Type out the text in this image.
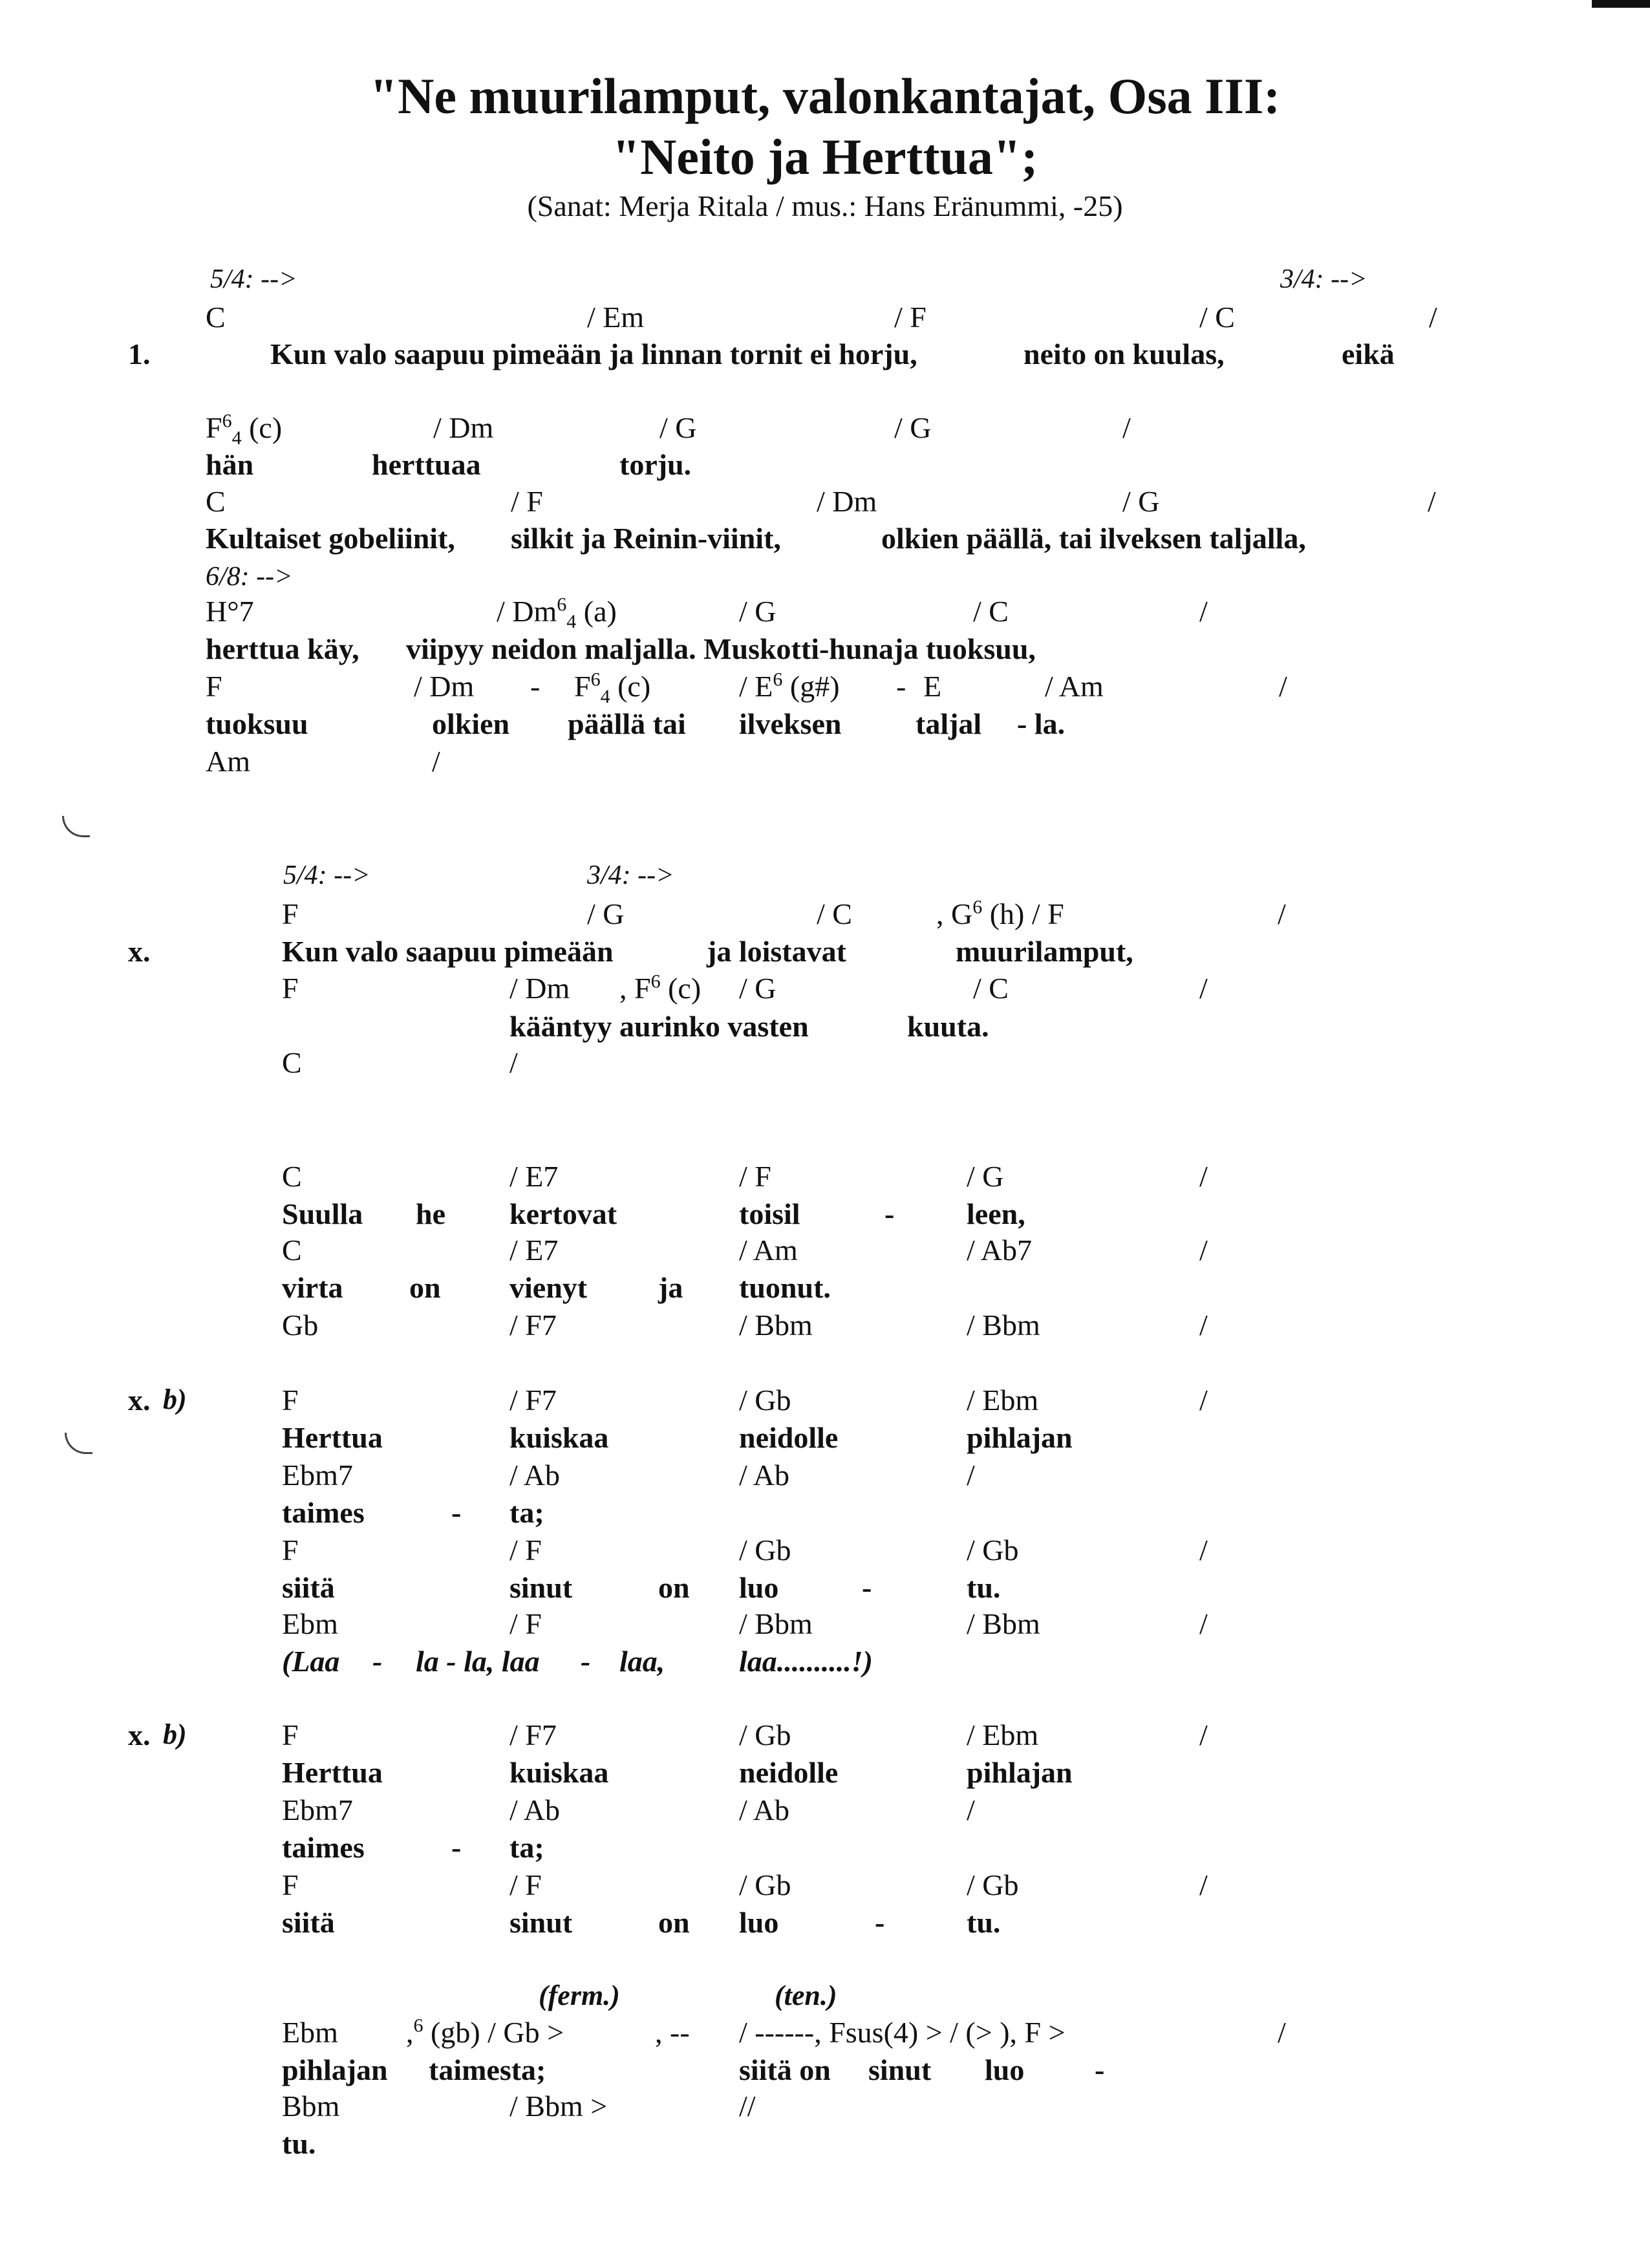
"Ne muurilamput, valonkantajat, Osa III:
"Neito ja Herttua";
(Sanat: Merja Ritala / mus.: Hans Eränummi, -25)
5/4: -->	3/4: -->
C	/ Em	/ F	/ C	/
1.	Kun valo saapuu pimeään ja linnan tornit ei horju,	neito on kuulas,	eikä
$F^6_4$ (c)	/ Dm	/ G	/ G	/
hän	herttuaa	torju.
C	/ F	/ Dm	/ G	/
Kultaiset gobeliinit, silkit ja Reinin-viinit,	olkien päällä, tai ilveksen taljalla,
6/8: -->
H°7	/ $Dm^6_4$ (a)	/ G	/ C	/
herttua käy, viipyy neidon maljalla. Muskotti-hunaja tuoksuu,
F	/ Dm - $F^6_4$ (c)	/ $E^6$ (g#) - E	/ Am	/
tuoksuu	olkien päällä tai ilveksen taljal - la.
Am	/
5/4: -->	3/4: -->
F	/ G	/ C	, $G^6$ (h) / F	/
x.	Kun valo saapuu pimeään	ja loistavat	muurilamput,
F	/ Dm , $F^6$ (c) / G	/ C	/
kääntyy aurinko vasten	kuuta.
C	/
C	/ E7	/ F	/ G	/
Suulla he kertovat	toisil	- leen,
C	/ E7	/ Am	/ Ab7	/
virta on vienyt ja tuonut.
Gb	/ F7	/ Bbm	/ Bbm	/
x. b)	F	/ F7	/ Gb	/ Ebm	/
Herttua	kuiskaa	neidolle	pihlajan
Ebm7	/ Ab	/ Ab	/
taimes	- ta;
F	/ F	/ Gb	/ Gb	/
siitä	sinut	on luo	-	tu.
Ebm	/ F	/ Bbm	/ Bbm	/
(Laa - la - la, laa - laa, laa..........!)
x. b)	F	/ F7	/ Gb	/ Ebm	/
Herttua	kuiskaa	neidolle	pihlajan
Ebm7	/ Ab	/ Ab	/
taimes	- ta;
F	/ F	/ Gb	/ Gb	/
siitä	sinut	on luo	-	tu.
(ferm.)	(ten.)
Ebm ,$^6$ (gb) / Gb >	, -- / ------, Fsus(4) > / (> ), F >	/
pihlajan taimesta;	siitä on sinut luo -
Bbm	/ Bbm >	//
tu.
